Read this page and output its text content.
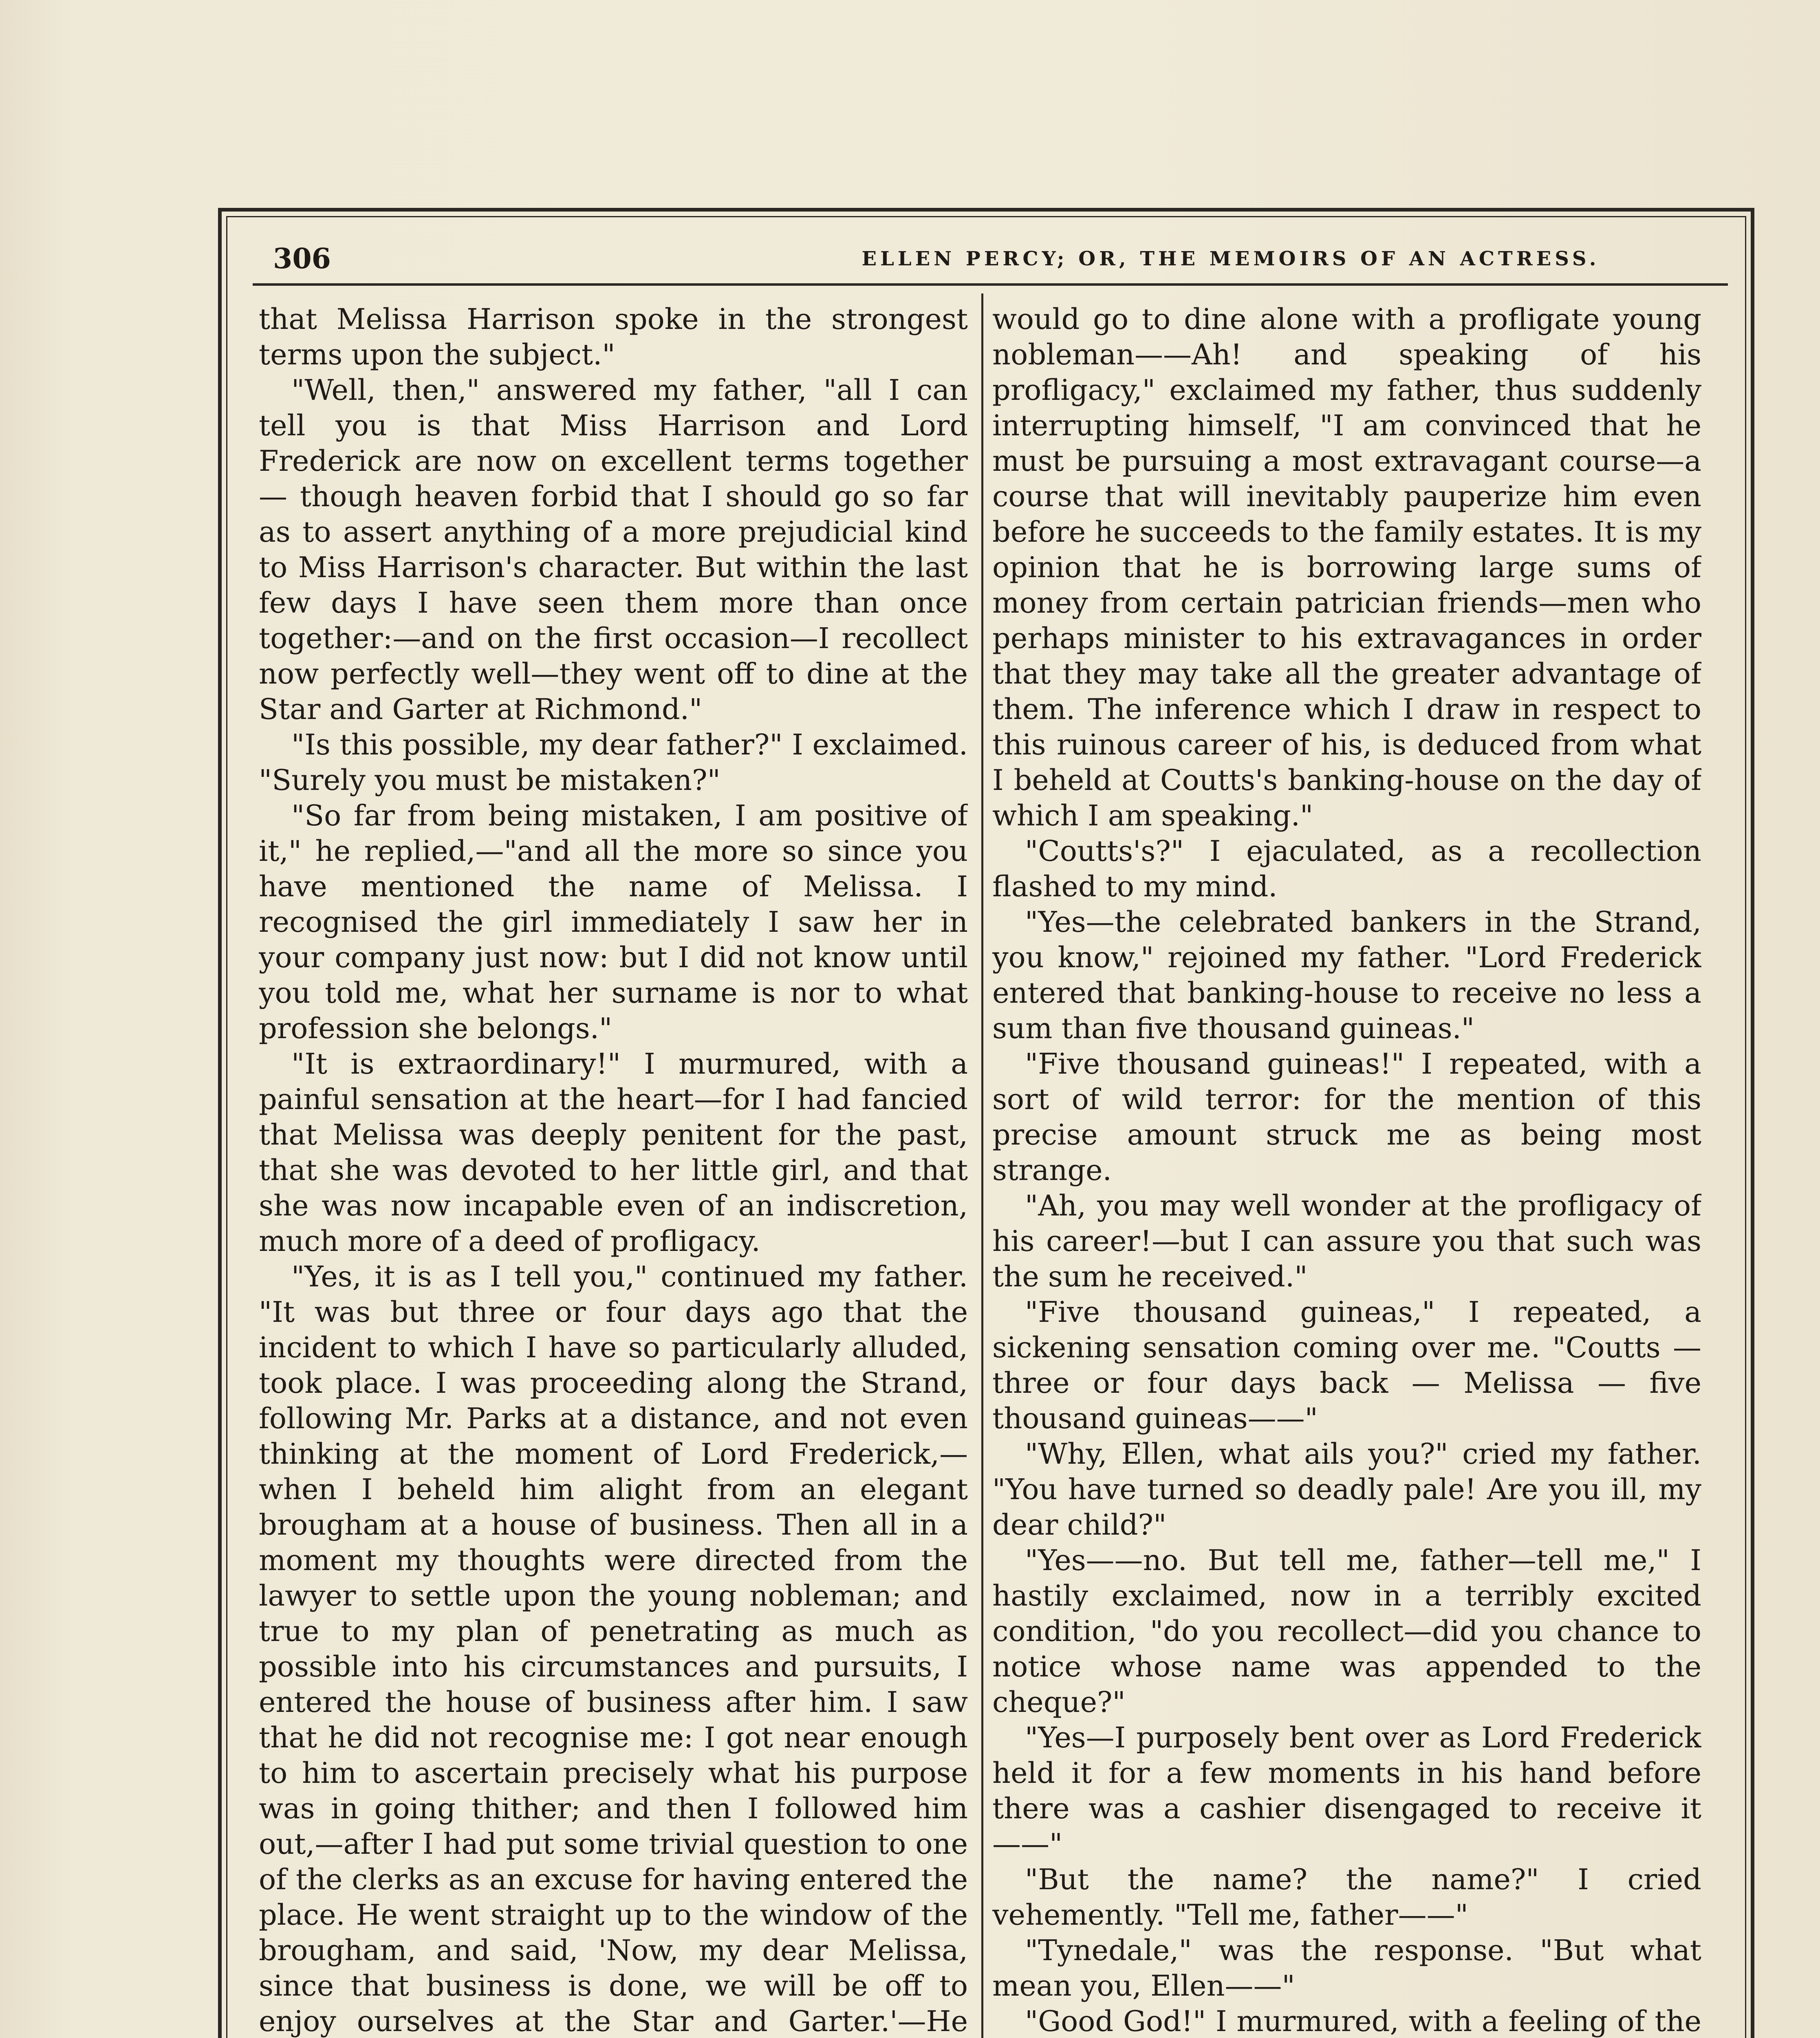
306	ELLEN PERCY; OR, THE MEMOIRS OF AN ACTRESS.

that Melissa Harrison spoke in the strongest terms upon the subject."

"Well, then," answered my father, "all I can tell you is that Miss Harrison and Lord Frederick are now on excellent terms together — though heaven forbid that I should go so far as to assert anything of a more prejudicial kind to Miss Harrison's character. But within the last few days I have seen them more than once together:—and on the first occasion—I recollect now perfectly well—they went off to dine at the Star and Garter at Richmond."

"Is this possible, my dear father?" I exclaimed. "Surely you must be mistaken?"

"So far from being mistaken, I am positive of it," he replied,—"and all the more so since you have mentioned the name of Melissa. I recognised the girl immediately I saw her in your company just now: but I did not know until you told me, what her surname is nor to what profession she belongs."

"It is extraordinary!" I murmured, with a painful sensation at the heart—for I had fancied that Melissa was deeply penitent for the past, that she was devoted to her little girl, and that she was now incapable even of an indiscretion, much more of a deed of profligacy.

"Yes, it is as I tell you," continued my father. "It was but three or four days ago that the incident to which I have so particularly alluded, took place. I was proceeding along the Strand, following Mr. Parks at a distance, and not even thinking at the moment of Lord Frederick,—when I beheld him alight from an elegant brougham at a house of business. Then all in a moment my thoughts were directed from the lawyer to settle upon the young nobleman; and true to my plan of penetrating as much as possible into his circumstances and pursuits, I entered the house of business after him. I saw that he did not recognise me: I got near enough to him to ascertain precisely what his purpose was in going thither; and then I followed him out,—after I had put some trivial question to one of the clerks as an excuse for having entered the place. He went straight up to the window of the brougham, and said, 'Now, my dear Melissa, since that business is done, we will be off to enjoy ourselves at the Star and Garter.'—He

would go to dine alone with a profligate young nobleman——Ah! and speaking of his profligacy," exclaimed my father, thus suddenly interrupting himself, "I am convinced that he must be pursuing a most extravagant course—a course that will inevitably pauperize him even before he succeeds to the family estates. It is my opinion that he is borrowing large sums of money from certain patrician friends—men who perhaps minister to his extravagances in order that they may take all the greater advantage of them. The inference which I draw in respect to this ruinous career of his, is deduced from what I beheld at Coutts's banking-house on the day of which I am speaking."

"Coutts's?" I ejaculated, as a recollection flashed to my mind.

"Yes—the celebrated bankers in the Strand, you know," rejoined my father. "Lord Frederick entered that banking-house to receive no less a sum than five thousand guineas."

"Five thousand guineas!" I repeated, with a sort of wild terror: for the mention of this precise amount struck me as being most strange.

"Ah, you may well wonder at the profligacy of his career!—but I can assure you that such was the sum he received."

"Five thousand guineas," I repeated, a sickening sensation coming over me. "Coutts — three or four days back — Melissa — five thousand guineas——"

"Why, Ellen, what ails you?" cried my father. "You have turned so deadly pale! Are you ill, my dear child?"

"Yes——no. But tell me, father—tell me," I hastily exclaimed, now in a terribly excited condition, "do you recollect—did you chance to notice whose name was appended to the cheque?"

"Yes—I purposely bent over as Lord Frederick held it for a few moments in his hand before there was a cashier disengaged to receive it——"

"But the name? the name?" I cried vehemently. "Tell me, father——"

"Tynedale," was the response. "But what mean you, Ellen——"

"Good God!" I murmured, with a feeling of the
